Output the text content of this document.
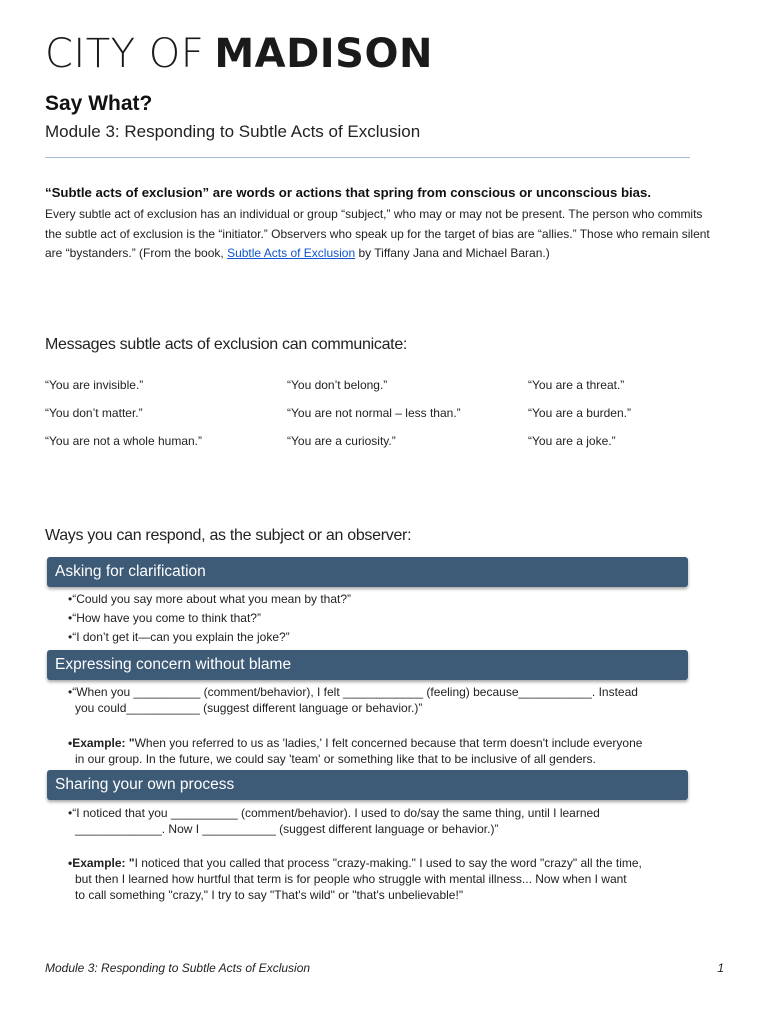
CITY OF MADISON
Say What?
Module 3: Responding to Subtle Acts of Exclusion
“Subtle acts of exclusion” are words or actions that spring from conscious or unconscious bias.
Every subtle act of exclusion has an individual or group “subject,” who may or may not be present. The person who commits the subtle act of exclusion is the “initiator.” Observers who speak up for the target of bias are “allies.” Those who remain silent are “bystanders.” (From the book, Subtle Acts of Exclusion by Tiffany Jana and Michael Baran.)
Messages subtle acts of exclusion can communicate:
“You are invisible.”	“You don’t belong.”	“You are a threat.”
“You don’t matter.”	“You are not normal – less than.”	“You are a burden.”
“You are not a whole human.”	“You are a curiosity.”	“You are a joke.”
Ways you can respond, as the subject or an observer:
Asking for clarification
•“Could you say more about what you mean by that?”
•“How have you come to think that?”
•“I don’t get it—can you explain the joke?”
Expressing concern without blame
•“When you __________ (comment/behavior), I felt ____________ (feeling) because___________. Instead
you could___________ (suggest different language or behavior.)”
•Example: "When you referred to us as 'ladies,' I felt concerned because that term doesn't include everyone
in our group. In the future, we could say 'team' or something like that to be inclusive of all genders.
Sharing your own process
•“I noticed that you __________ (comment/behavior). I used to do/say the same thing, until I learned
_____________. Now I ___________ (suggest different language or behavior.)”
•Example: "I noticed that you called that process "crazy-making." I used to say the word "crazy" all the time,
but then I learned how hurtful that term is for people who struggle with mental illness... Now when I want
to call something "crazy," I try to say "That's wild" or "that's unbelievable!"
Module 3: Responding to Subtle Acts of Exclusion	1
